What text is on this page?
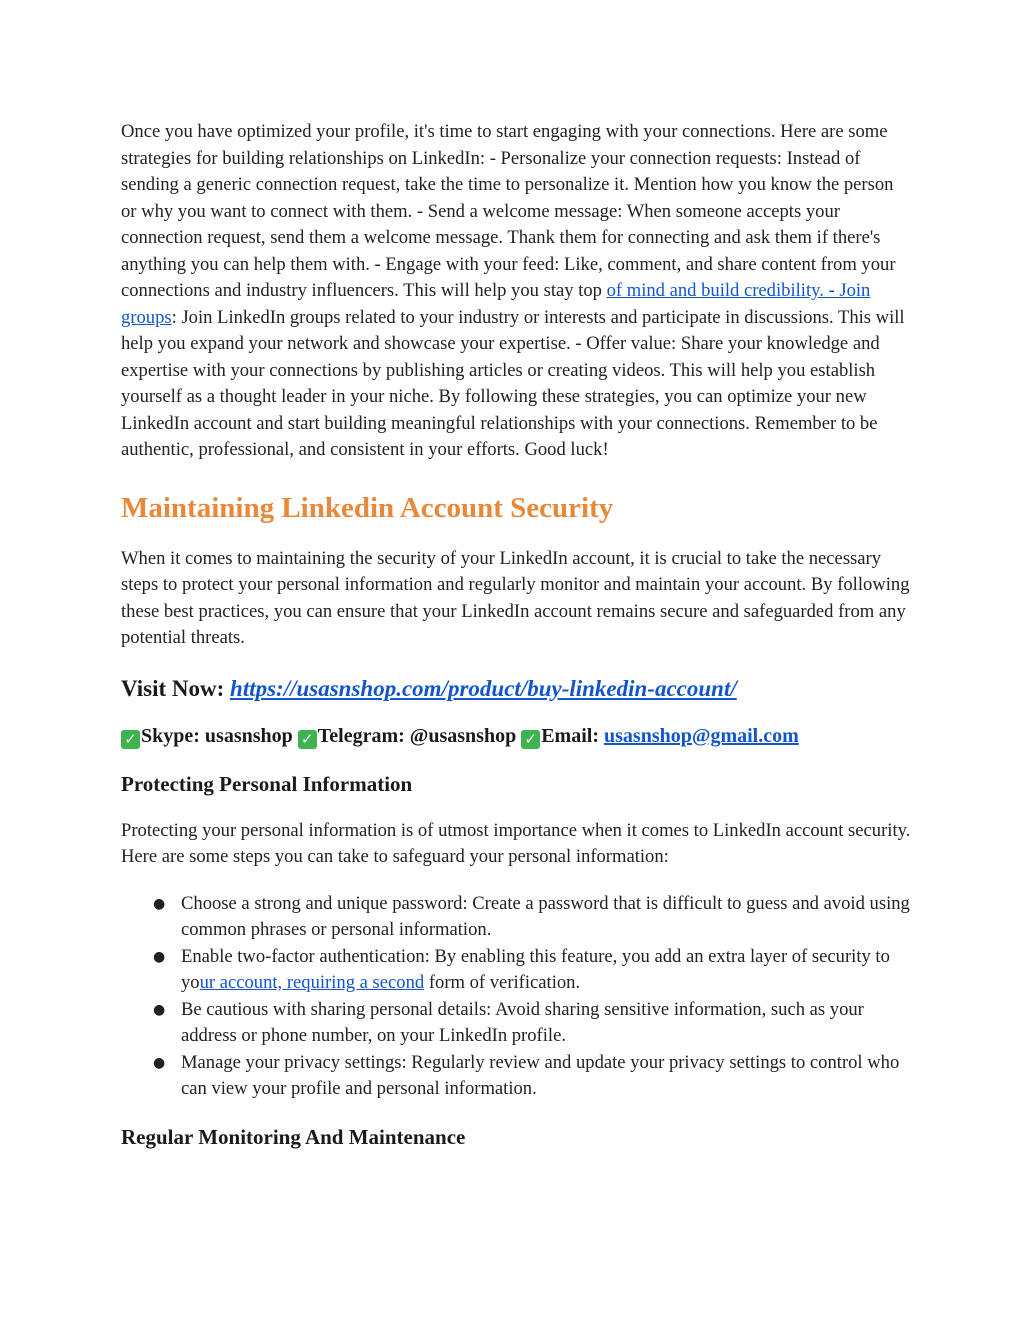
Once you have optimized your profile, it's time to start engaging with your connections. Here are some strategies for building relationships on LinkedIn: - Personalize your connection requests: Instead of sending a generic connection request, take the time to personalize it. Mention how you know the person or why you want to connect with them. - Send a welcome message: When someone accepts your connection request, send them a welcome message. Thank them for connecting and ask them if there's anything you can help them with. - Engage with your feed: Like, comment, and share content from your connections and industry influencers. This will help you stay top of mind and build credibility. - Join groups: Join LinkedIn groups related to your industry or interests and participate in discussions. This will help you expand your network and showcase your expertise. - Offer value: Share your knowledge and expertise with your connections by publishing articles or creating videos. This will help you establish yourself as a thought leader in your niche. By following these strategies, you can optimize your new LinkedIn account and start building meaningful relationships with your connections. Remember to be authentic, professional, and consistent in your efforts. Good luck!

Maintaining Linkedin Account Security

When it comes to maintaining the security of your LinkedIn account, it is crucial to take the necessary steps to protect your personal information and regularly monitor and maintain your account. By following these best practices, you can ensure that your LinkedIn account remains secure and safeguarded from any potential threats.

Visit Now: https://usasnshop.com/product/buy-linkedin-account/

✓ Skype: usasnshop ✓ Telegram: @usasnshop ✓ Email: usasnshop@gmail.com

Protecting Personal Information

Protecting your personal information is of utmost importance when it comes to LinkedIn account security. Here are some steps you can take to safeguard your personal information:

● Choose a strong and unique password: Create a password that is difficult to guess and avoid using common phrases or personal information.
● Enable two-factor authentication: By enabling this feature, you add an extra layer of security to your account, requiring a second form of verification.
● Be cautious with sharing personal details: Avoid sharing sensitive information, such as your address or phone number, on your LinkedIn profile.
● Manage your privacy settings: Regularly review and update your privacy settings to control who can view your profile and personal information.
Regular Monitoring And Maintenance
